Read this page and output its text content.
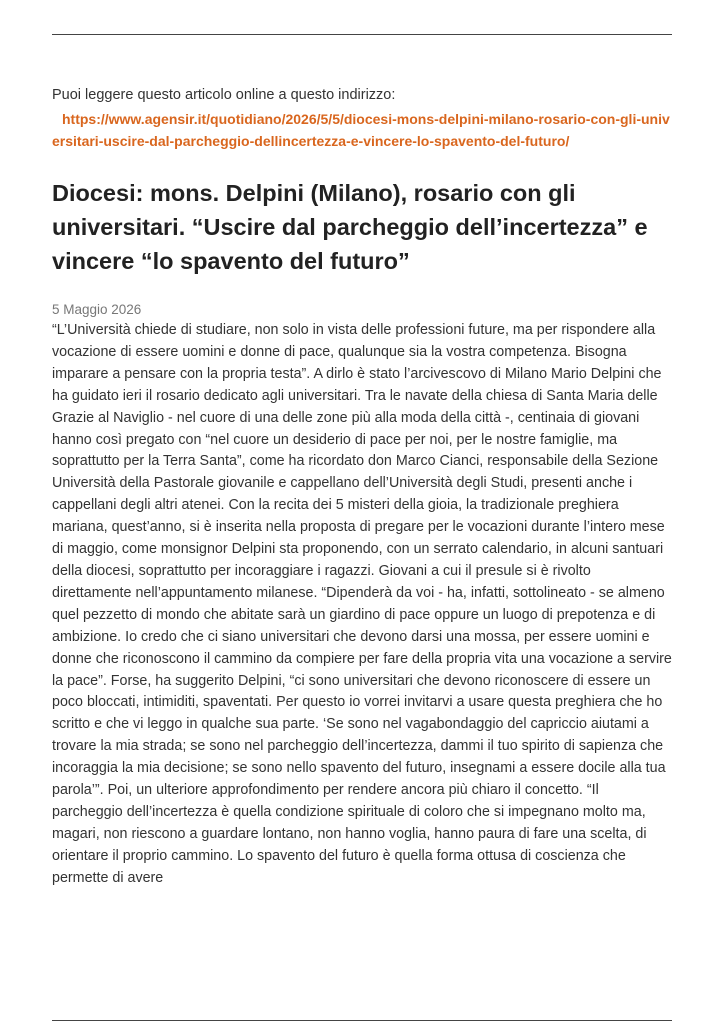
Puoi leggere questo articolo online a questo indirizzo:
https://www.agensir.it/quotidiano/2026/5/5/diocesi-mons-delpini-milano-rosario-con-gli-universitari-uscire-dal-parcheggio-dellincertezza-e-vincere-lo-spavento-del-futuro/
Diocesi: mons. Delpini (Milano), rosario con gli universitari. “Uscire dal parcheggio dell’incertezza” e vincere “lo spavento del futuro”
5 Maggio 2026

“L’Università chiede di studiare, non solo in vista delle professioni future, ma per rispondere alla vocazione di essere uomini e donne di pace, qualunque sia la vostra competenza. Bisogna imparare a pensare con la propria testa”. A dirlo è stato l’arcivescovo di Milano Mario Delpini che ha guidato ieri il rosario dedicato agli universitari. Tra le navate della chiesa di Santa Maria delle Grazie al Naviglio - nel cuore di una delle zone più alla moda della città -, centinaia di giovani hanno così pregato con “nel cuore un desiderio di pace per noi, per le nostre famiglie, ma soprattutto per la Terra Santa”, come ha ricordato don Marco Cianci, responsabile della Sezione Università della Pastorale giovanile e cappellano dell’Università degli Studi, presenti anche i cappellani degli altri atenei. Con la recita dei 5 misteri della gioia, la tradizionale preghiera mariana, quest’anno, si è inserita nella proposta di pregare per le vocazioni durante l’intero mese di maggio, come monsignor Delpini sta proponendo, con un serrato calendario, in alcuni santuari della diocesi, soprattutto per incoraggiare i ragazzi. Giovani a cui il presule si è rivolto direttamente nell’appuntamento milanese. “Dipenderà da voi - ha, infatti, sottolineato - se almeno quel pezzetto di mondo che abitate sarà un giardino di pace oppure un luogo di prepotenza e di ambizione. Io credo che ci siano universitari che devono darsi una mossa, per essere uomini e donne che riconoscono il cammino da compiere per fare della propria vita una vocazione a servire la pace”. Forse, ha suggerito Delpini, “ci sono universitari che devono riconoscere di essere un poco bloccati, intimiditi, spaventati. Per questo io vorrei invitarvi a usare questa preghiera che ho scritto e che vi leggo in qualche sua parte. ‘Se sono nel vagabondaggio del capriccio aiutami a trovare la mia strada; se sono nel parcheggio dell’incertezza, dammi il tuo spirito di sapienza che incoraggia la mia decisione; se sono nello spavento del futuro, insegnami a essere docile alla tua parola’”. Poi, un ulteriore approfondimento per rendere ancora più chiaro il concetto. “Il parcheggio dell’incertezza è quella condizione spirituale di coloro che si impegnano molto ma, magari, non riescono a guardare lontano, non hanno voglia, hanno paura di fare una scelta, di orientare il proprio cammino. Lo spavento del futuro è quella forma ottusa di coscienza che permette di avere
